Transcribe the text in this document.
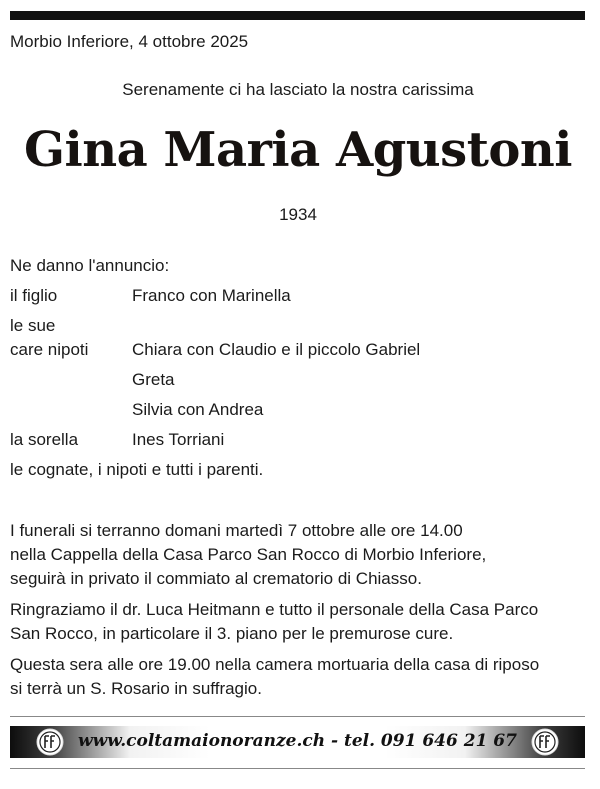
Morbio Inferiore, 4 ottobre 2025
Serenamente ci ha lasciato la nostra carissima
Gina Maria Agustoni
1934
Ne danno l'annuncio:
il figlio	Franco con Marinella
le sue
care nipoti	Chiara con Claudio e il piccolo Gabriel
Greta
Silvia con Andrea
la sorella	Ines Torriani
le cognate, i nipoti e tutti i parenti.
I funerali si terranno domani martedì 7 ottobre alle ore 14.00
nella Cappella della Casa Parco San Rocco di Morbio Inferiore,
seguirà in privato il commiato al crematorio di Chiasso.
Ringraziamo il dr. Luca Heitmann e tutto il personale della Casa Parco
San Rocco, in particolare il 3. piano per le premurose cure.
Questa sera alle ore 19.00 nella camera mortuaria della casa di riposo
si terrà un S. Rosario in suffragio.
www.coltamaionoranze.ch - tel. 091 646 21 67
